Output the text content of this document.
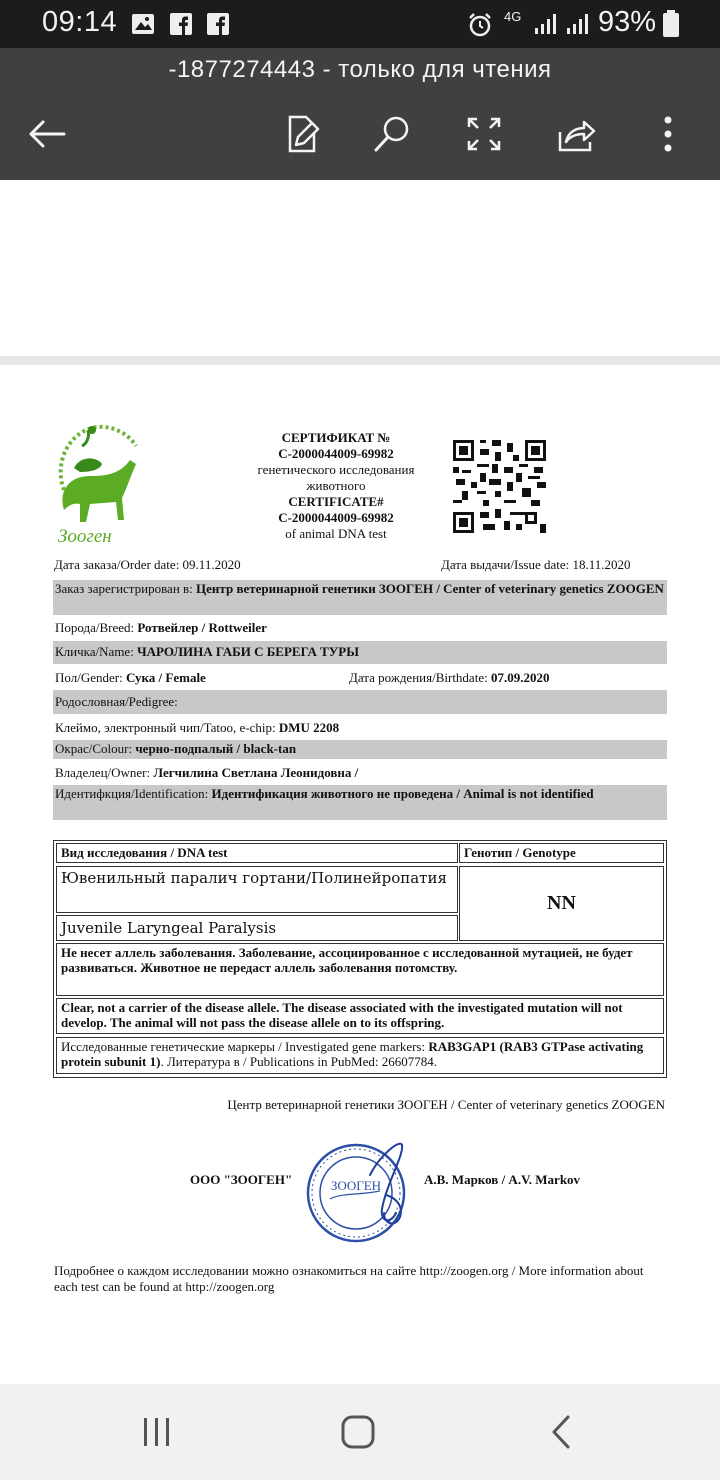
09:14	4G	93%
-1877274443 - только для чтения
Зооген
СЕРТИФИКАТ №
С-2000044009-69982
генетического исследования
животного
CERTIFICATE#
C-2000044009-69982
of animal DNA test
Дата заказа/Order date: 09.11.2020	Дата выдачи/Issue date: 18.11.2020
Заказ зарегистрирован в: Центр ветеринарной генетики ЗООГЕН / Center of veterinary genetics ZOOGEN
Порода/Breed: Ротвейлер / Rottweiler
Кличка/Name: ЧАРОЛИНА ГАБИ С БЕРЕГА ТУРЫ
Пол/Gender: Сука / Female	Дата рождения/Birthdate: 07.09.2020
Родословная/Pedigree:
Клеймо, электронный чип/Tatoo, e-chip: DMU 2208
Окрас/Colour: черно-подпалый / black-tan
Владелец/Owner: Легчилина Светлана Леонидовна /
Идентифкция/Identification: Идентификация животного не проведена / Animal is not identified
Вид исследования / DNA test	Генотип / Genotype
Ювенильный паралич гортани/Полинейропатия
Juvenile Laryngeal Paralysis
NN
Не несет аллель заболевания. Заболевание, ассоциированное с исследованной мутацией, не будет развиваться. Животное не передаст аллель заболевания потомству.
Clear, not a carrier of the disease allele. The disease associated with the investigated mutation will not develop. The animal will not pass the disease allele on to its offspring.
Исследованные генетические маркеры / Investigated gene markers: RAB3GAP1 (RAB3 GTPase activating protein subunit 1). Литература в / Publications in PubMed: 26607784.
Центр ветеринарной генетики ЗООГЕН / Center of veterinary genetics ZOOGEN
ООО "ЗООГЕН"	ЗООГЕН	А.В. Марков / A.V. Markov
Подробнее о каждом исследовании можно ознакомиться на сайте http://zoogen.org / More information about each test can be found at http://zoogen.org
